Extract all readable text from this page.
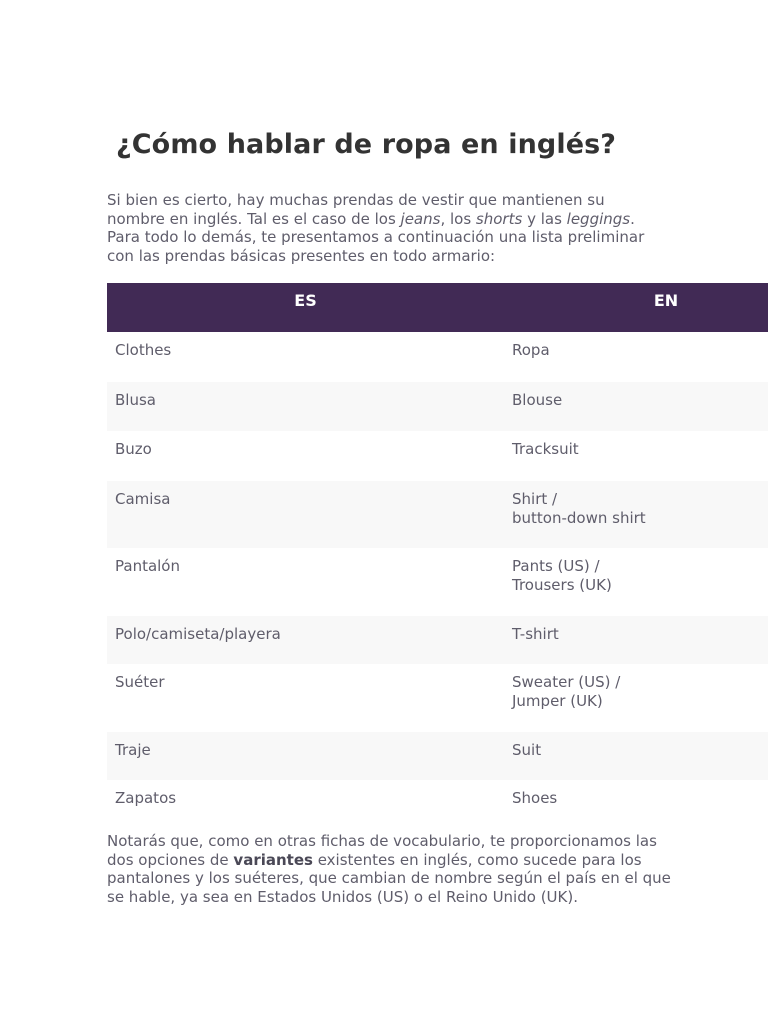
¿Cómo hablar de ropa en inglés?

Si bien es cierto, hay muchas prendas de vestir que mantienen su nombre en inglés. Tal es el caso de los jeans, los shorts y las leggings. Para todo lo demás, te presentamos a continuación una lista preliminar con las prendas básicas presentes en todo armario:

ES	EN
Clothes	Ropa
Blusa	Blouse
Buzo	Tracksuit
Camisa	Shirt /
button-down shirt
Pantalón	Pants (US) /
Trousers (UK)
Polo/camiseta/playera	T-shirt
Suéter	Sweater (US) /
Jumper (UK)
Traje	Suit
Zapatos	Shoes

Notarás que, como en otras fichas de vocabulario, te proporcionamos las dos opciones de variantes existentes en inglés, como sucede para los pantalones y los suéteres, que cambian de nombre según el país en el que se hable, ya sea en Estados Unidos (US) o el Reino Unido (UK).
